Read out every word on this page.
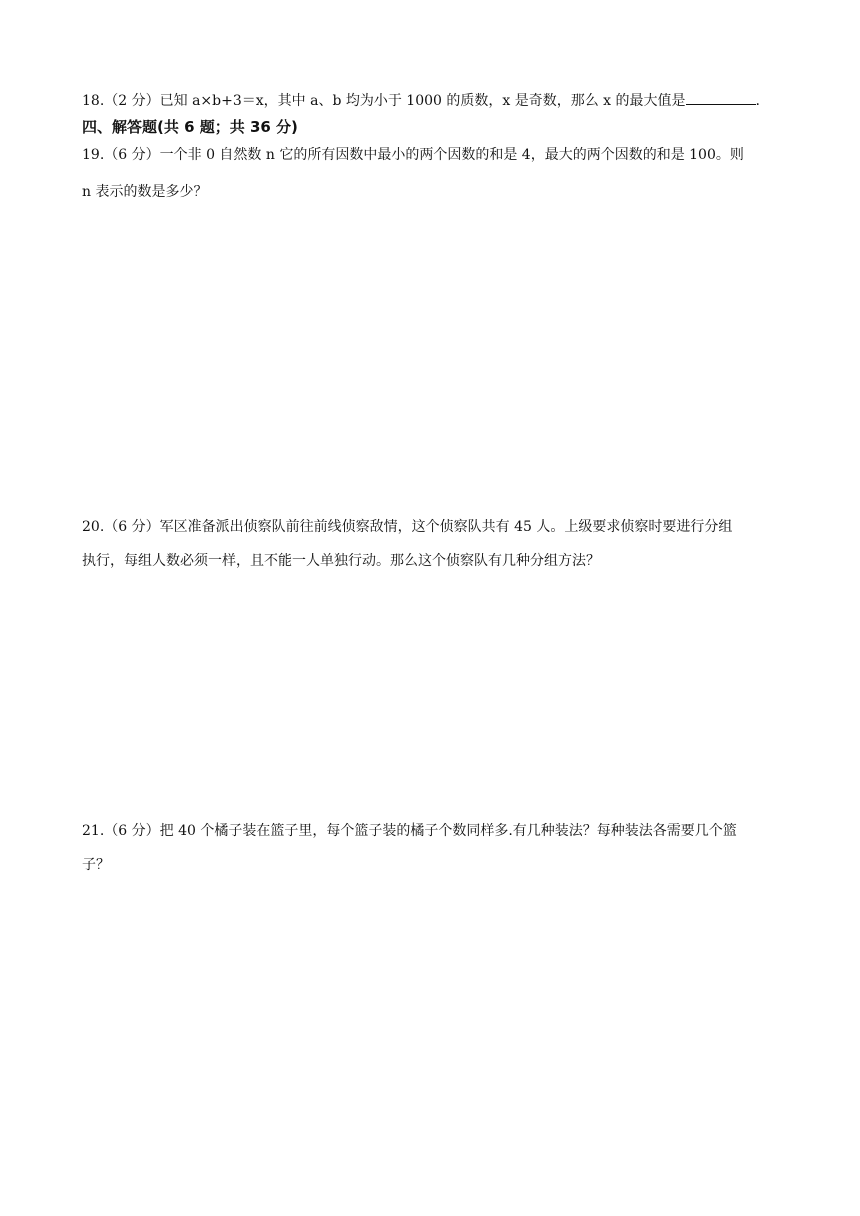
18.（2 分）已知 a×b+3＝x，其中 a、b 均为小于 1000 的质数，x 是奇数，那么 x 的最大值是	.
四、解答题(共 6 题；共 36 分)
19.（6 分）一个非 0 自然数 n 它的所有因数中最小的两个因数的和是 4，最大的两个因数的和是 100。则
n 表示的数是多少？
20.（6 分）军区准备派出侦察队前往前线侦察敌情，这个侦察队共有 45 人。上级要求侦察时要进行分组
执行，每组人数必须一样，且不能一人单独行动。那么这个侦察队有几种分组方法？
21.（6 分）把 40 个橘子装在篮子里，每个篮子装的橘子个数同样多.有几种装法？每种装法各需要几个篮
子？
